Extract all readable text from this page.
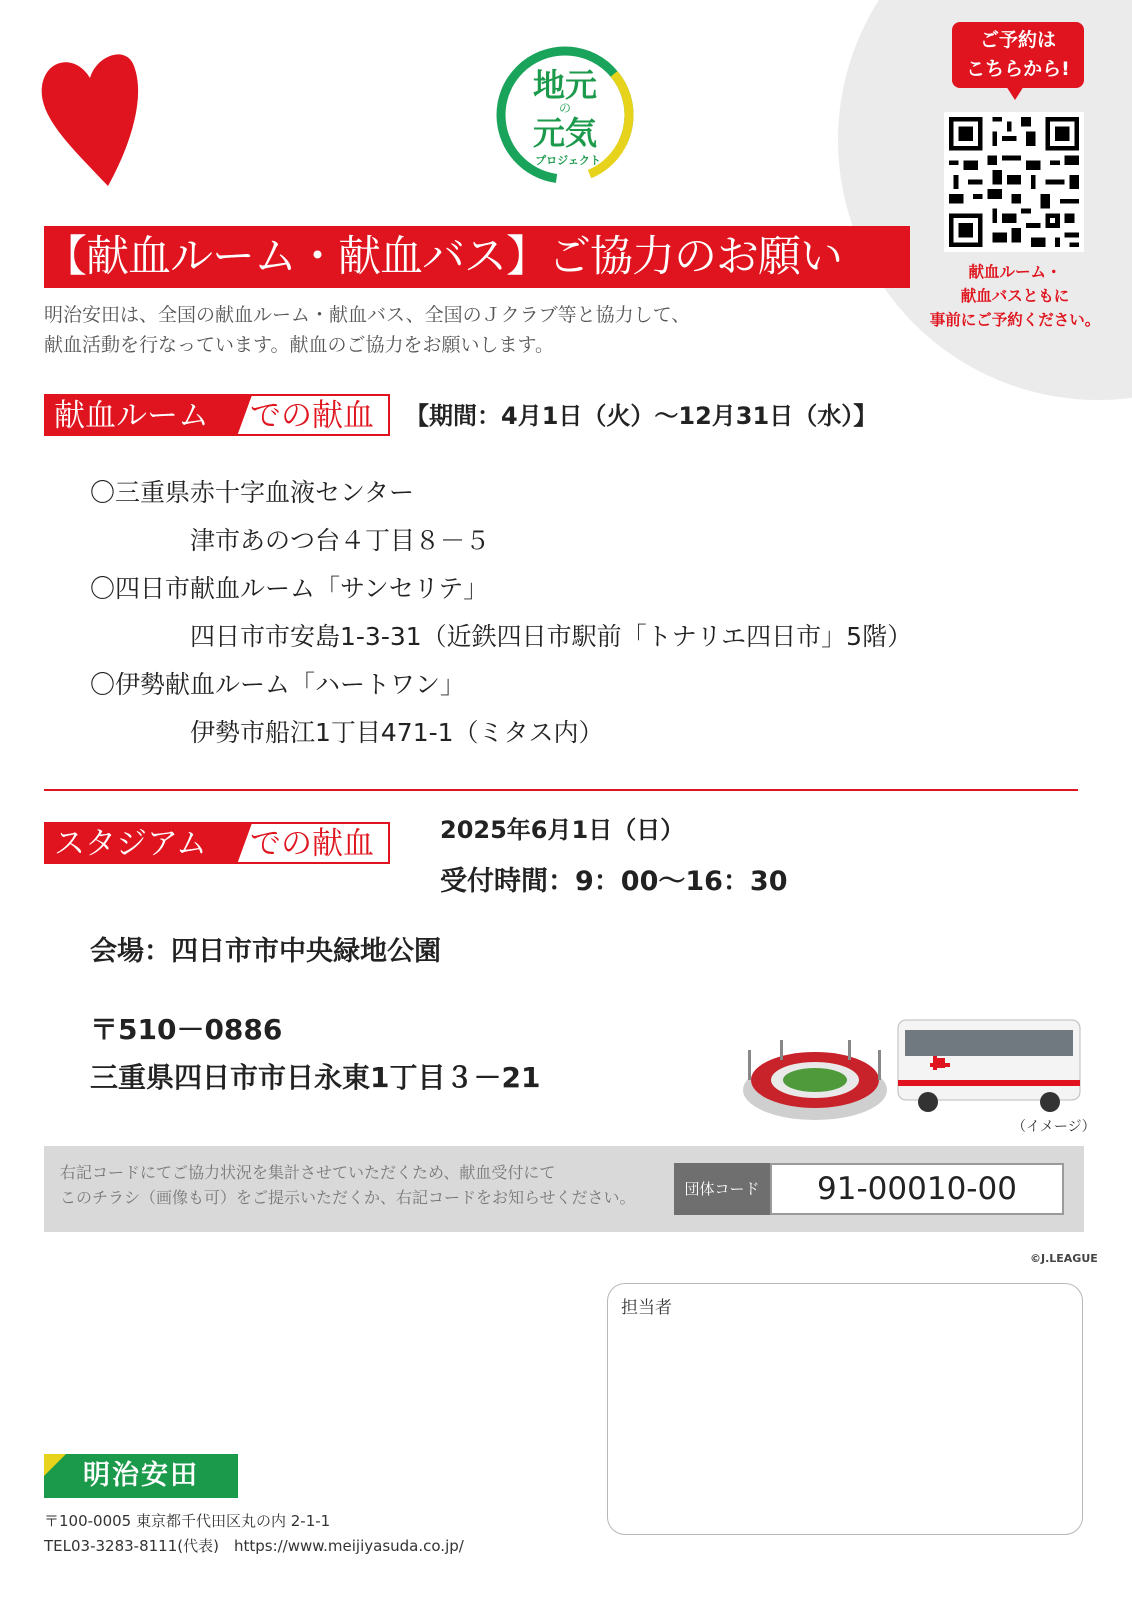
地元
の
元気
プロジェクト
ご予約は
こちらから!
献血ルーム・
献血バスともに
事前にご予約ください。
【献血ルーム・献血バス】ご協力のお願い
明治安田は、全国の献血ルーム・献血バス、全国のＪクラブ等と協力して、
献血活動を行なっています。献血のご協力をお願いします。
献血ルーム	での献血 【期間：4月1日（火）～12月31日（水）】
〇三重県赤十字血液センター
津市あのつ台４丁目８－５
〇四日市献血ルーム「サンセリテ」
四日市市安島1-3-31（近鉄四日市駅前「トナリエ四日市」5階）
〇伊勢献血ルーム「ハートワン」
伊勢市船江1丁目471-1（ミタス内）
スタジアム	での献血	2025年6月1日（日）
受付時間：9：00～16：30
会場：四日市市中央緑地公園
〒510－0886
三重県四日市市日永東1丁目３－21
（イメージ）
右記コードにてご協力状況を集計させていただくため、献血受付にて
このチラシ（画像も可）をご提示いただくか、右記コードをお知らせください。	団体コード	91-00010-00
©J.LEAGUE
担当者
明治安田
〒100-0005 東京都千代田区丸の内 2-1-1
TEL03-3283-8111(代表)　https://www.meijiyasuda.co.jp/
